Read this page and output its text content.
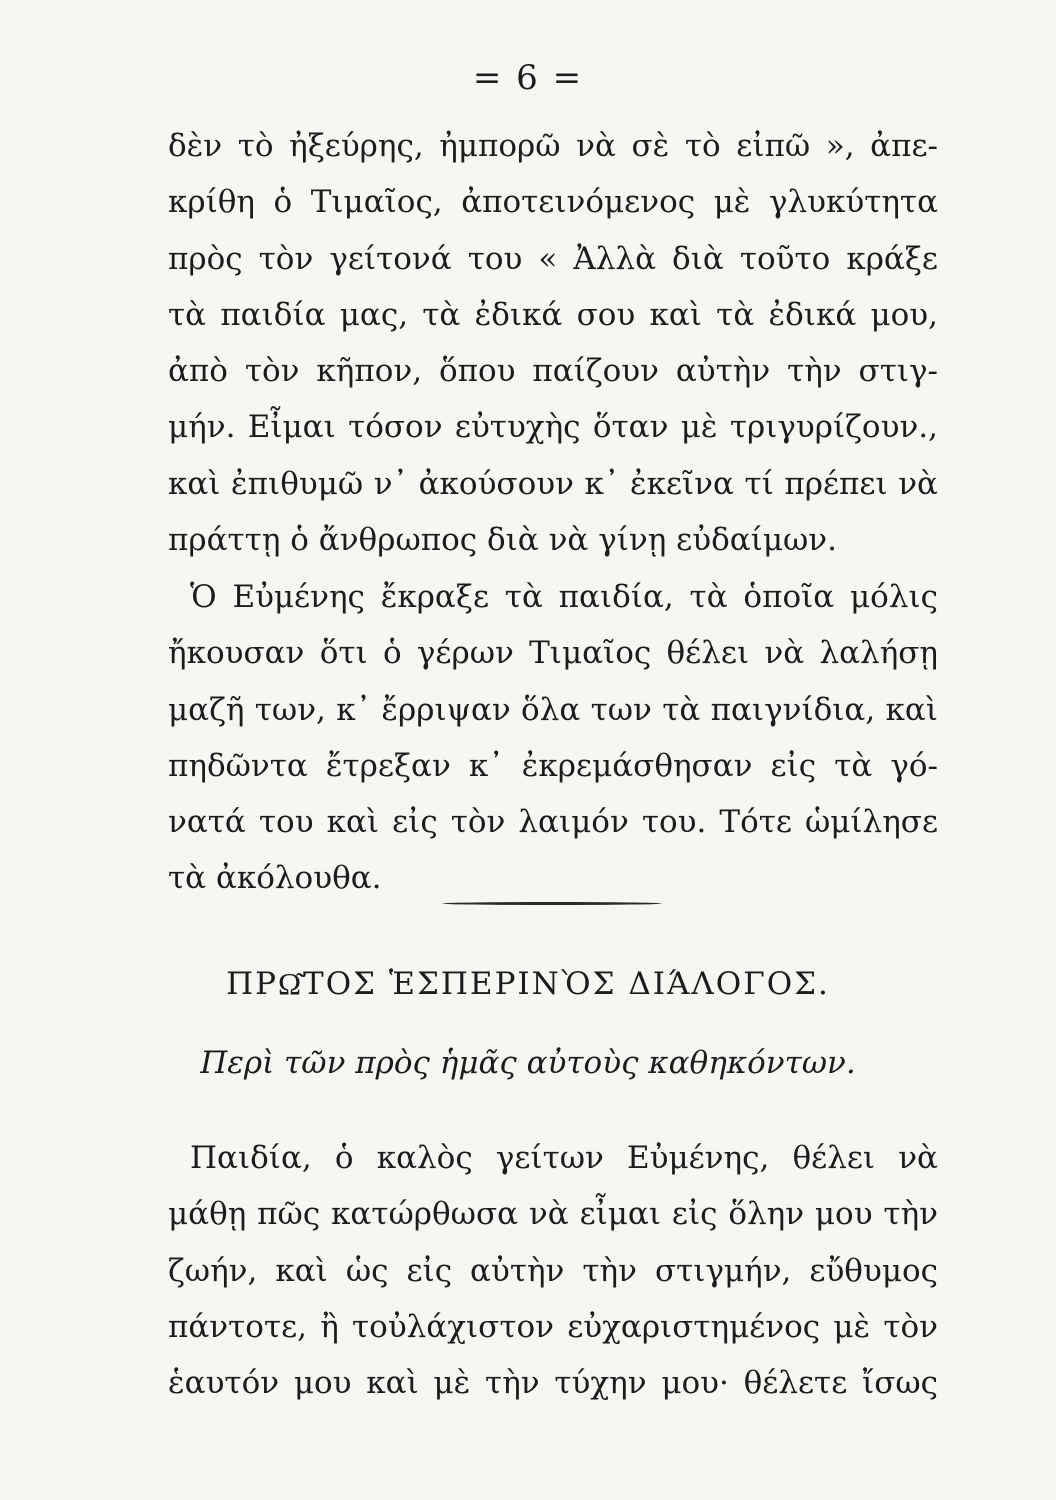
= 6 =
δὲν τὸ ἠξεύρης, ἠμπορῶ νὰ σὲ τὸ εἰπῶ », ἀπε-
κρίθη ὁ Τιμαῖος, ἀποτεινόμενος μὲ γλυκύτητα
πρὸς τὸν γείτονά του « Ἀλλὰ διὰ τοῦτο κράξε
τὰ παιδία μας, τὰ ἐδικά σου καὶ τὰ ἐδικά μου,
ἀπὸ τὸν κῆπον, ὅπου παίζουν αὐτὴν τὴν στιγ-
μήν. Εἶμαι τόσον εὐτυχὴς ὅταν μὲ τριγυρίζουν.,
καὶ ἐπιθυμῶ ν᾽ ἀκούσουν κ᾽ ἐκεῖνα τί πρέπει νὰ
πράττῃ ὁ ἄνθρωπος διὰ νὰ γίνῃ εὐδαίμων.
Ὁ Εὐμένης ἔκραξε τὰ παιδία, τὰ ὁποῖα μόλις
ἤκουσαν ὅτι ὁ γέρων Τιμαῖος θέλει νὰ λαλήσῃ
μαζῆ των, κ᾽ ἔρριψαν ὅλα των τὰ παιγνίδια, καὶ
πηδῶντα ἔτρεξαν κ᾽ ἐκρεμάσθησαν εἰς τὰ γό-
νατά του καὶ εἰς τὸν λαιμόν του. Τότε ὡμίλησε
τὰ ἀκόλουθα.
ΠΡΩ͂ΤΟΣ ἙΣΠΕΡΙΝῸΣ ΔΙΆΛΟΓΟΣ.
Περὶ τῶν πρὸς ἡμᾶς αὐτοὺς καθηκόντων.
Παιδία, ὁ καλὸς γείτων Εὐμένης, θέλει νὰ
μάθῃ πῶς κατώρθωσα νὰ εἶμαι εἰς ὅλην μου τὴν
ζωήν, καὶ ὡς εἰς αὐτὴν τὴν στιγμήν, εὔθυμος
πάντοτε, ἢ τοὐλάχιστον εὐχαριστημένος μὲ τὸν
ἑαυτόν μου καὶ μὲ τὴν τύχην μου· θέλετε ἴσως
